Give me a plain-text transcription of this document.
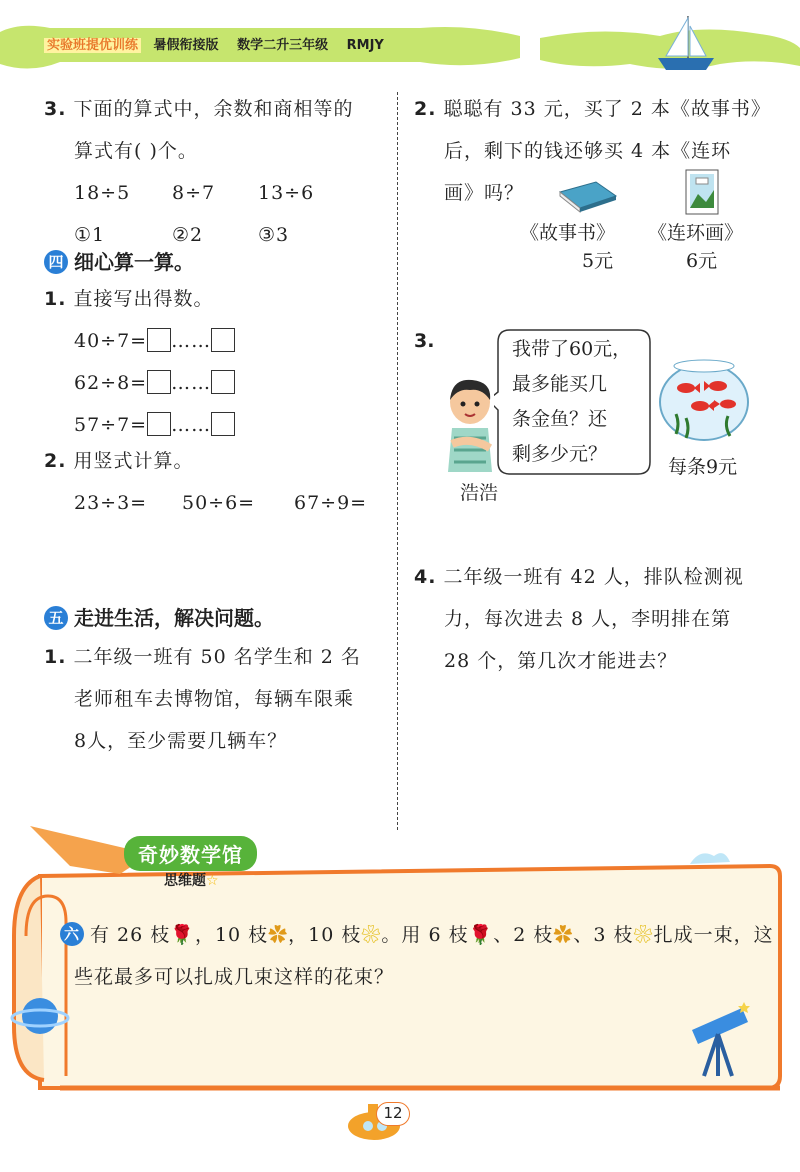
实验班提优训练 暑假衔接版 数学二升三年级 RMJY
3. 下面的算式中，余数和商相等的
算式有( )个。
18÷5	8÷7	13÷6
①1	②2	③3
四 细心算一算。
1. 直接写出得数。
40÷7= ……
62÷8= ……
57÷7= ……
2. 用竖式计算。
23÷3=	50÷6=	67÷9=
五 走进生活，解决问题。
1. 二年级一班有 50 名学生和 2 名
老师租车去博物馆，每辆车限乘
8人，至少需要几辆车？
2. 聪聪有 33 元，买了 2 本《故事书》
后，剩下的钱还够买 4 本《连环
画》吗？
《故事书》 《连环画》
5元	6元
3.	我带了60元，
最多能买几
条金鱼？还
剩多少元？
浩浩
每条9元
4. 二年级一班有 42 人，排队检测视
力，每次进去 8 人，李明排在第
28 个，第几次才能进去？
奇妙数学馆
思维题☆
六 有 26 枝🌹，10 枝✿，10 枝❀。用 6 枝🌹、2 枝✿、3 枝❀扎成一束，这
些花最多可以扎成几束这样的花束？
12
